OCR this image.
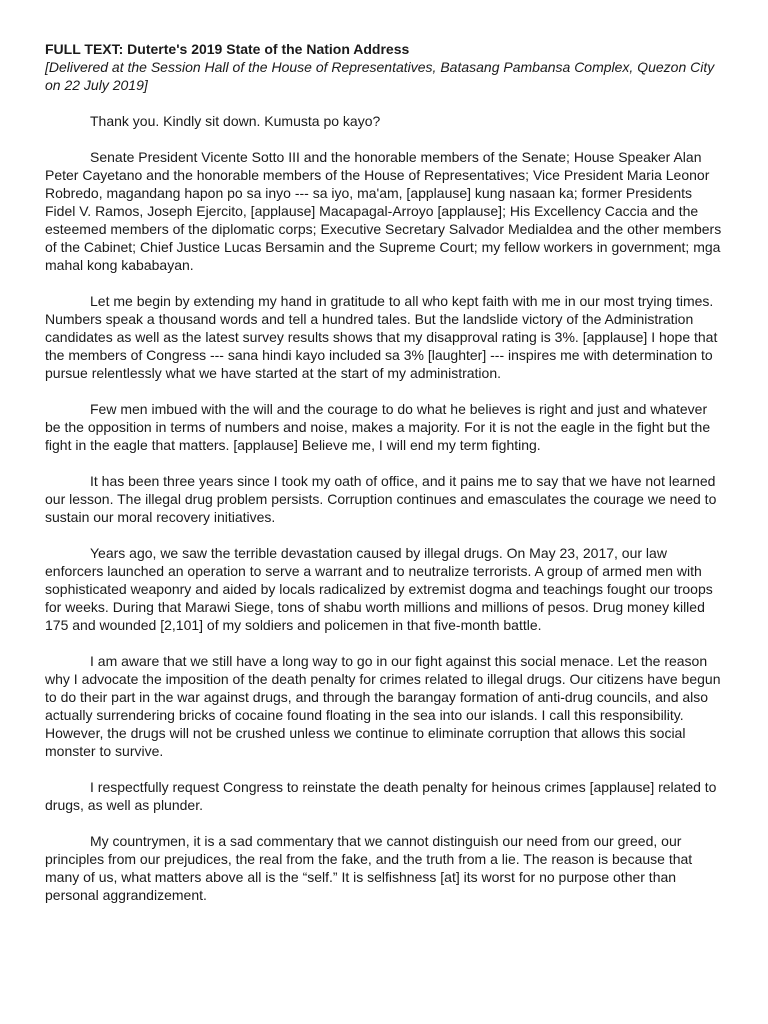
FULL TEXT: Duterte's 2019 State of the Nation Address

[Delivered at the Session Hall of the House of Representatives, Batasang Pambansa Complex, Quezon City on 22 July 2019]

Thank you. Kindly sit down. Kumusta po kayo?

Senate President Vicente Sotto III and the honorable members of the Senate; House Speaker Alan Peter Cayetano and the honorable members of the House of Representatives; Vice President Maria Leonor Robredo, magandang hapon po sa inyo --- sa iyo, ma'am, [applause] kung nasaan ka; former Presidents Fidel V. Ramos, Joseph Ejercito, [applause] Macapagal-Arroyo [applause]; His Excellency Caccia and the esteemed members of the diplomatic corps; Executive Secretary Salvador Medialdea and the other members of the Cabinet; Chief Justice Lucas Bersamin and the Supreme Court; my fellow workers in government; mga mahal kong kababayan.

Let me begin by extending my hand in gratitude to all who kept faith with me in our most trying times. Numbers speak a thousand words and tell a hundred tales. But the landslide victory of the Administration candidates as well as the latest survey results shows that my disapproval rating is 3%. [applause] I hope that the members of Congress --- sana hindi kayo included sa 3% [laughter] --- inspires me with determination to pursue relentlessly what we have started at the start of my administration.

Few men imbued with the will and the courage to do what he believes is right and just and whatever be the opposition in terms of numbers and noise, makes a majority. For it is not the eagle in the fight but the fight in the eagle that matters. [applause] Believe me, I will end my term fighting.

It has been three years since I took my oath of office, and it pains me to say that we have not learned our lesson. The illegal drug problem persists. Corruption continues and emasculates the courage we need to sustain our moral recovery initiatives.

Years ago, we saw the terrible devastation caused by illegal drugs. On May 23, 2017, our law enforcers launched an operation to serve a warrant and to neutralize terrorists. A group of armed men with sophisticated weaponry and aided by locals radicalized by extremist dogma and teachings fought our troops for weeks. During that Marawi Siege, tons of shabu worth millions and millions of pesos. Drug money killed 175 and wounded [2,101] of my soldiers and policemen in that five-month battle.

I am aware that we still have a long way to go in our fight against this social menace. Let the reason why I advocate the imposition of the death penalty for crimes related to illegal drugs. Our citizens have begun to do their part in the war against drugs, and through the barangay formation of anti-drug councils, and also actually surrendering bricks of cocaine found floating in the sea into our islands. I call this responsibility. However, the drugs will not be crushed unless we continue to eliminate corruption that allows this social monster to survive.

I respectfully request Congress to reinstate the death penalty for heinous crimes [applause] related to drugs, as well as plunder.

My countrymen, it is a sad commentary that we cannot distinguish our need from our greed, our principles from our prejudices, the real from the fake, and the truth from a lie. The reason is because that many of us, what matters above all is the “self.” It is selfishness [at] its worst for no purpose other than personal aggrandizement.
